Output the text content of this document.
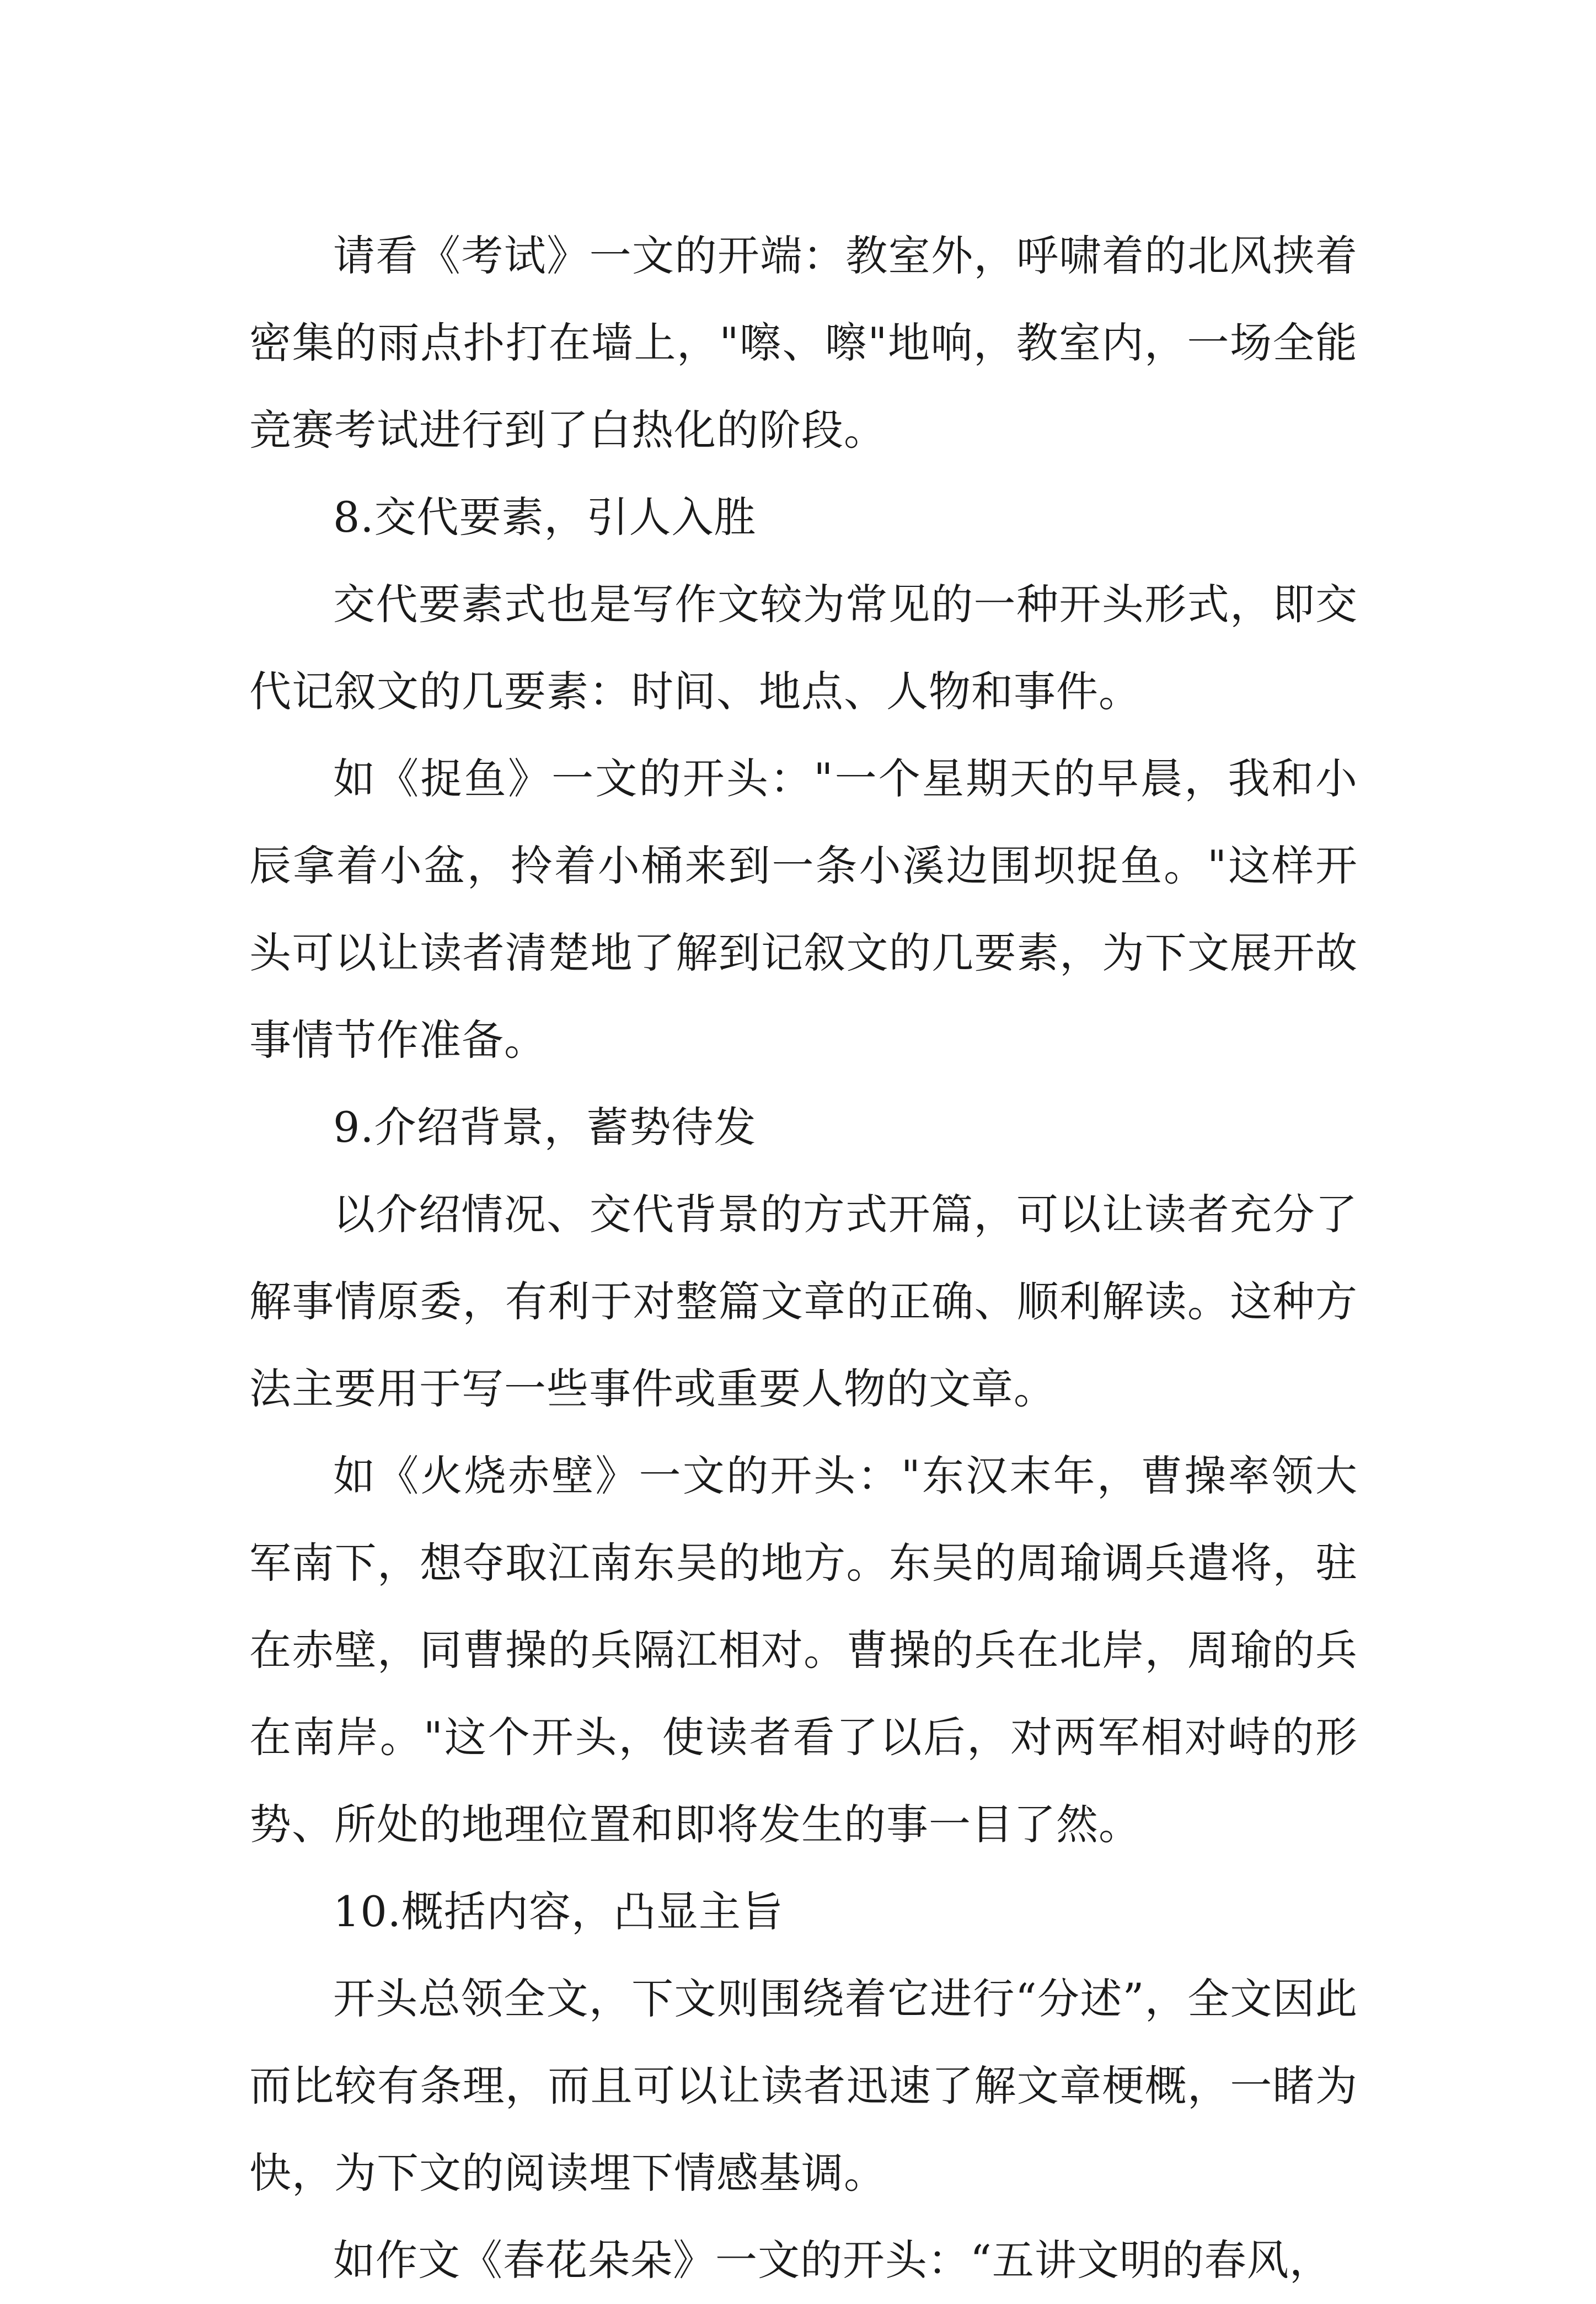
请看《考试》一文的开端：教室外，呼啸着的北风挟着密集的雨点扑打在墙上，"嚓、嚓"地响，教室内，一场全能竞赛考试进行到了白热化的阶段。

8.交代要素，引人入胜

交代要素式也是写作文较为常见的一种开头形式，即交代记叙文的几要素：时间、地点、人物和事件。

如《捉鱼》一文的开头："一个星期天的早晨，我和小辰拿着小盆，拎着小桶来到一条小溪边围坝捉鱼。"这样开头可以让读者清楚地了解到记叙文的几要素，为下文展开故事情节作准备。

9.介绍背景，蓄势待发

以介绍情况、交代背景的方式开篇，可以让读者充分了解事情原委，有利于对整篇文章的正确、顺利解读。这种方法主要用于写一些事件或重要人物的文章。

如《火烧赤壁》一文的开头："东汉末年，曹操率领大军南下，想夺取江南东吴的地方。东吴的周瑜调兵遣将，驻在赤壁，同曹操的兵隔江相对。曹操的兵在北岸，周瑜的兵在南岸。"这个开头，使读者看了以后，对两军相对峙的形势、所处的地理位置和即将发生的事一目了然。

10.概括内容，凸显主旨

开头总领全文，下文则围绕着它进行“分述”，全文因此而比较有条理，而且可以让读者迅速了解文章梗概，一睹为快，为下文的阅读埋下情感基调。

如作文《春花朵朵》一文的开头：“五讲文明的春风，
